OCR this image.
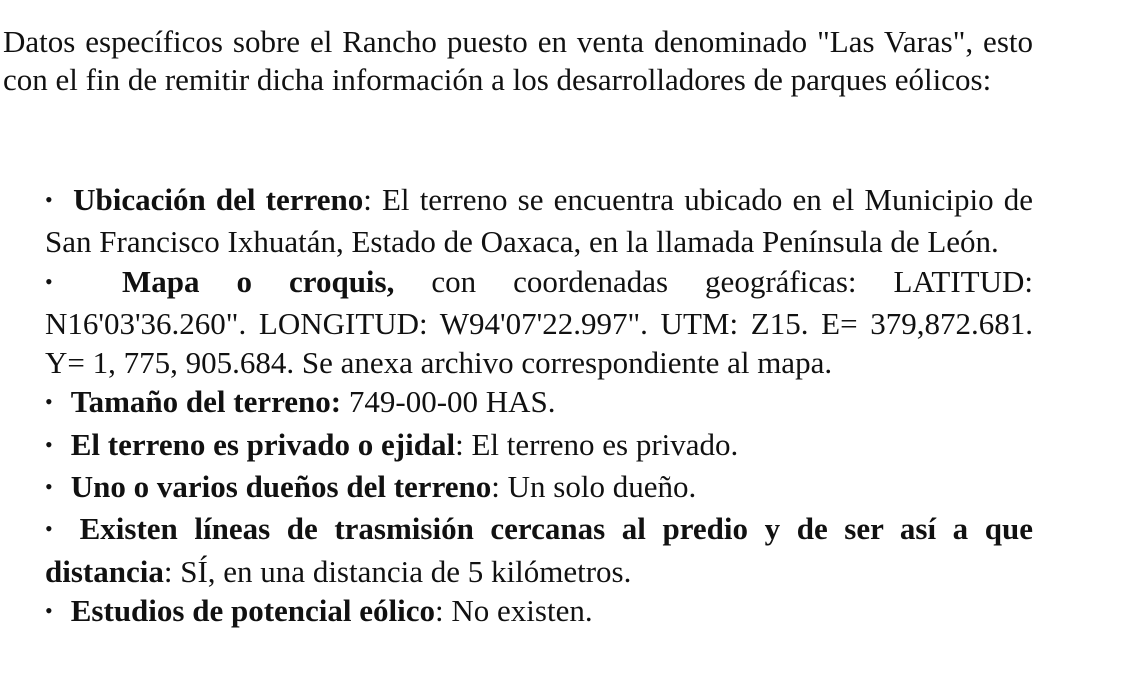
Datos específicos sobre el Rancho puesto en venta denominado "Las Varas", esto con el fin de remitir dicha información a los desarrolladores de parques eólicos:

• Ubicación del terreno: El terreno se encuentra ubicado en el Municipio de San Francisco Ixhuatán, Estado de Oaxaca, en la llamada Península de León.
• Mapa o croquis, con coordenadas geográficas: LATITUD: N16'03'36.260". LONGITUD: W94'07'22.997". UTM: Z15. E= 379,872.681. Y= 1, 775, 905.684. Se anexa archivo correspondiente al mapa.
• Tamaño del terreno: 749-00-00 HAS.
• El terreno es privado o ejidal: El terreno es privado.
• Uno o varios dueños del terreno: Un solo dueño.
• Existen líneas de trasmisión cercanas al predio y de ser así a que distancia: SÍ, en una distancia de 5 kilómetros.
• Estudios de potencial eólico: No existen.
